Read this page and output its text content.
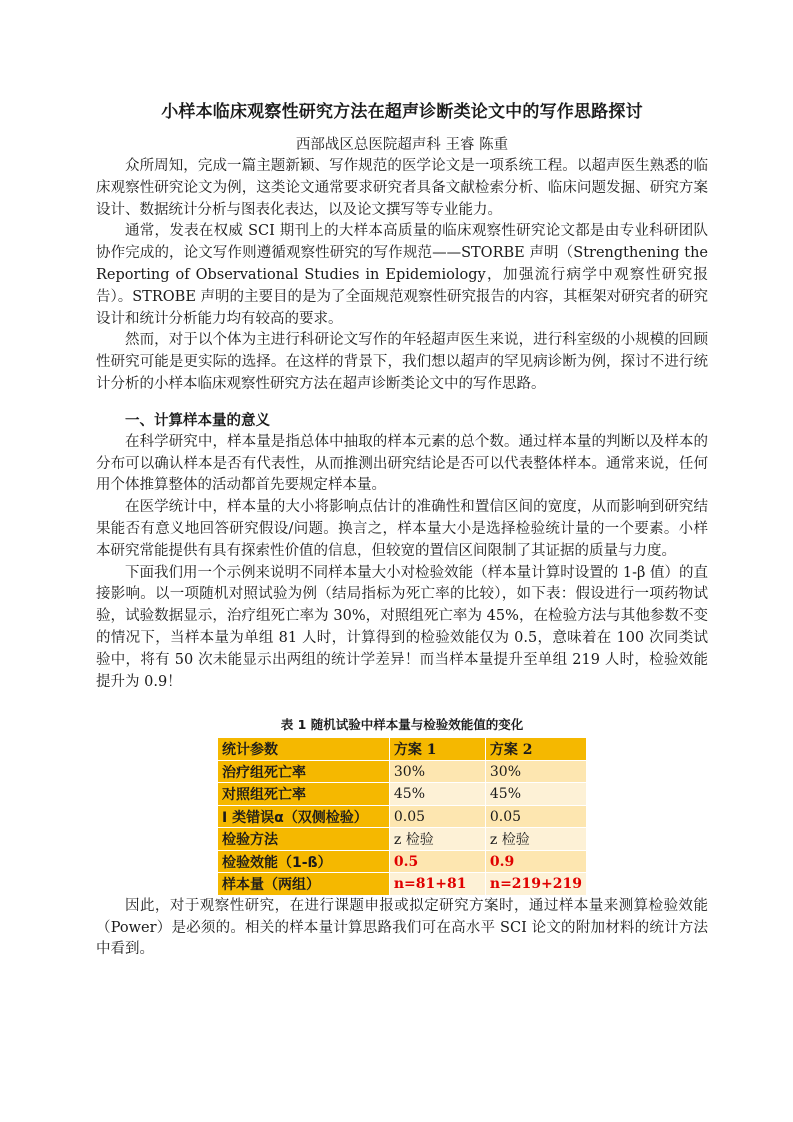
小样本临床观察性研究方法在超声诊断类论文中的写作思路探讨
西部战区总医院超声科 王睿 陈重

众所周知，完成一篇主题新颖、写作规范的医学论文是一项系统工程。以超声医生熟悉的临床观察性研究论文为例，这类论文通常要求研究者具备文献检索分析、临床问题发掘、研究方案设计、数据统计分析与图表化表达，以及论文撰写等专业能力。

通常，发表在权威 SCI 期刊上的大样本高质量的临床观察性研究论文都是由专业科研团队协作完成的，论文写作则遵循观察性研究的写作规范——STORBE 声明（Strengthening the Reporting of Observational Studies in Epidemiology，加强流行病学中观察性研究报告）。STROBE 声明的主要目的是为了全面规范观察性研究报告的内容，其框架对研究者的研究设计和统计分析能力均有较高的要求。

然而，对于以个体为主进行科研论文写作的年轻超声医生来说，进行科室级的小规模的回顾性研究可能是更实际的选择。在这样的背景下，我们想以超声的罕见病诊断为例，探讨不进行统计分析的小样本临床观察性研究方法在超声诊断类论文中的写作思路。

一、计算样本量的意义

在科学研究中，样本量是指总体中抽取的样本元素的总个数。通过样本量的判断以及样本的分布可以确认样本是否有代表性，从而推测出研究结论是否可以代表整体样本。通常来说，任何用个体推算整体的活动都首先要规定样本量。

在医学统计中，样本量的大小将影响点估计的准确性和置信区间的宽度，从而影响到研究结果能否有意义地回答研究假设/问题。换言之，样本量大小是选择检验统计量的一个要素。小样本研究常能提供有具有探索性价值的信息，但较宽的置信区间限制了其证据的质量与力度。

下面我们用一个示例来说明不同样本量大小对检验效能（样本量计算时设置的 1-β 值）的直接影响。以一项随机对照试验为例（结局指标为死亡率的比较），如下表：假设进行一项药物试验，试验数据显示，治疗组死亡率为 30%，对照组死亡率为 45%，在检验方法与其他参数不变的情况下，当样本量为单组 81 人时，计算得到的检验效能仅为 0.5，意味着在 100 次同类试验中，将有 50 次未能显示出两组的统计学差异！而当样本量提升至单组 219 人时，检验效能提升为 0.9！

表 1 随机试验中样本量与检验效能值的变化
统计参数	方案 1	方案 2
治疗组死亡率	30%	30%
对照组死亡率	45%	45%
I 类错误α（双侧检验）	0.05	0.05
检验方法	z 检验	z 检验
检验效能（1-ß）	0.5	0.9
样本量（两组）	n=81+81	n=219+219

因此，对于观察性研究，在进行课题申报或拟定研究方案时，通过样本量来测算检验效能（Power）是必须的。相关的样本量计算思路我们可在高水平 SCI 论文的附加材料的统计方法中看到。
